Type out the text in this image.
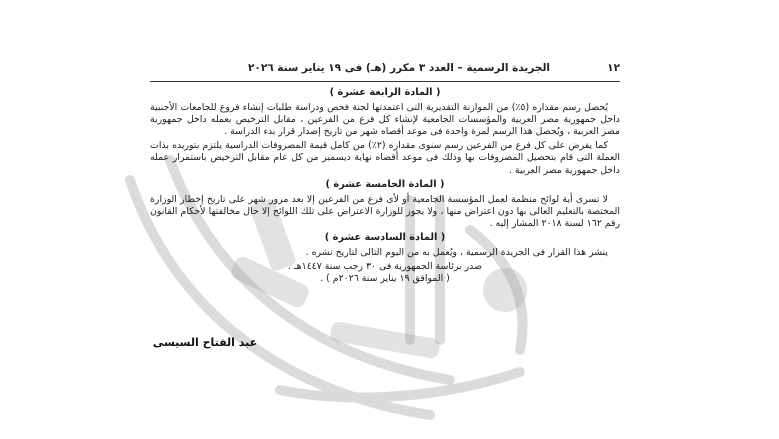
١٢
الجريدة الرسمية – العدد ٣ مكرر (هـ) فى ١٩ يناير سنة ٢٠٢٦
( المادة الرابعة عشرة )

يُحصل رسم مقداره (٥٪) من الموازنة التقديرية التى اعتمدتها لجنة فحص ودراسة طلبات إنشاء فروع للجامعات الأجنبية داخل جمهورية مصر العربية والمؤسسات الجامعية لإنشاء كل فرع من الفرعين ، مقابل الترخيص بعمله داخل جمهورية مصر العربية ، ويُحصل هذا الرسم لمرة واحدة فى موعد أقصاه شهر من تاريخ إصدار قرار بدء الدراسة .

كما يفرض على كل فرع من الفرعين رسم سنوى مقداره (٢٪) من كامل قيمة المصروفات الدراسية يلتزم بتوريده بذات العملة التى قام بتحصيل المصروفات بها وذلك فى موعد أقصاه نهاية ديسمبر من كل عام مقابل الترخيص باستمرار عمله داخل جمهورية مصر العربية .

( المادة الخامسة عشرة )

لا تسرى أية لوائح منظمة لعمل المؤسسة الجامعية أو لأى فرع من الفرعين إلا بعد مرور شهر على تاريخ إخطار الوزارة المختصة بالتعليم العالى بها دون اعتراض منها ، ولا يجوز للوزارة الاعتراض على تلك اللوائح إلا حال مخالفتها لأحكام القانون رقم ١٦٢ لسنة ٢٠١٨ المشار إليه .

( المادة السادسة عشرة )

ينشر هذا القرار فى الجريدة الرسمية ، ويُعمل به من اليوم التالى لتاريخ نشره .

صدر برئاسة الجمهورية فى ٣٠ رجب سنة ١٤٤٧هـ .

( الموافق ١٩ يناير سنة ٢٠٢٦م ) .

عبد الفتاح السيسى
